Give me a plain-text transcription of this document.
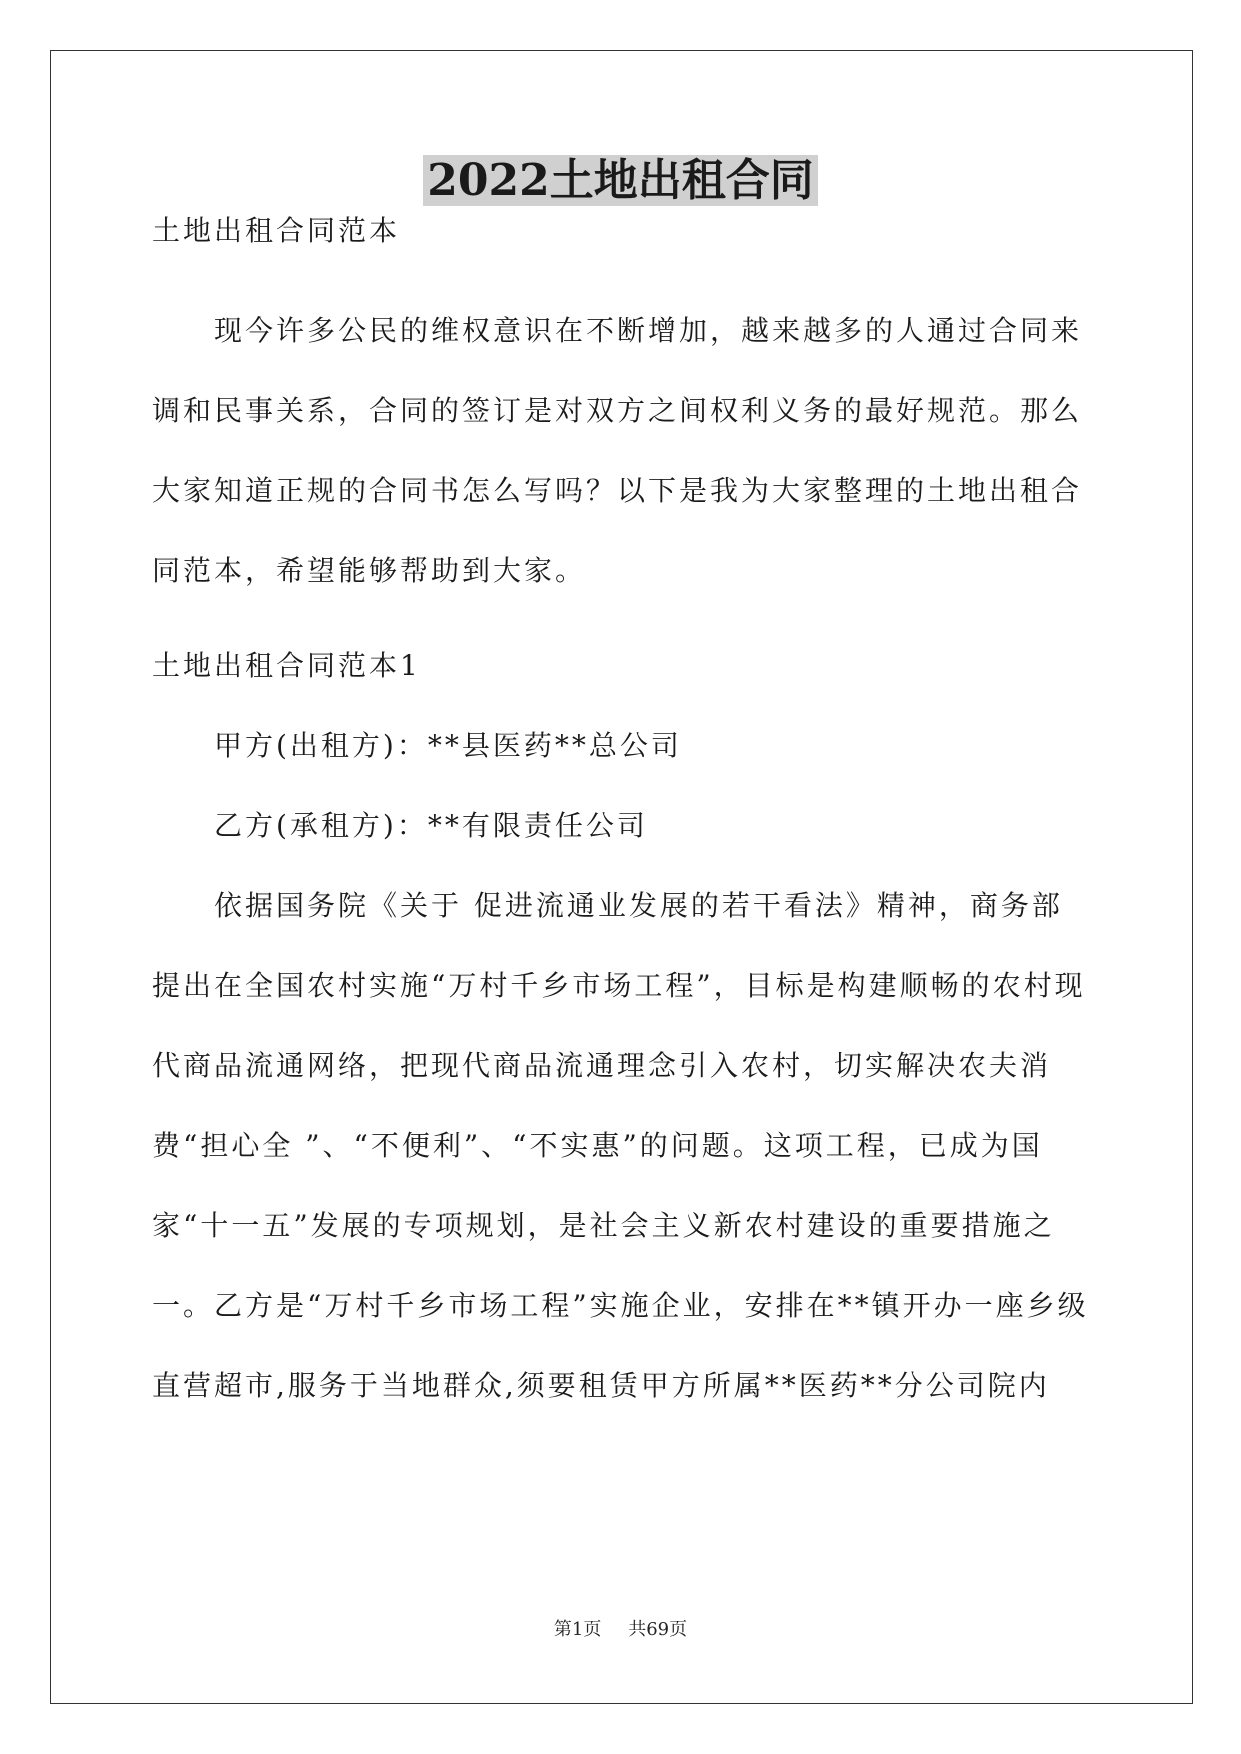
2022土地出租合同

土地出租合同范本

现今许多公民的维权意识在不断增加，越来越多的人通过合同来调和民事关系，合同的签订是对双方之间权利义务的最好规范。那么大家知道正规的合同书怎么写吗？以下是我为大家整理的土地出租合同范本，希望能够帮助到大家。

土地出租合同范本1

甲方(出租方)：**县医药**总公司

乙方(承租方)：**有限责任公司

依据国务院《关于 促进流通业发展的若干看法》精神，商务部提出在全国农村实施“万村千乡市场工程”，目标是构建顺畅的农村现代商品流通网络，把现代商品流通理念引入农村，切实解决农夫消费“担心全 ”、“不便利”、“不实惠”的问题。这项工程，已成为国家“十一五”发展的专项规划，是社会主义新农村建设的重要措施之一。 乙方是“万村千乡市场工程”实施企业，安排在**镇开办一座乡级直营超市,服务于当地群众,须要租赁甲方所属**医药**分公司院内

第1页 共69页
